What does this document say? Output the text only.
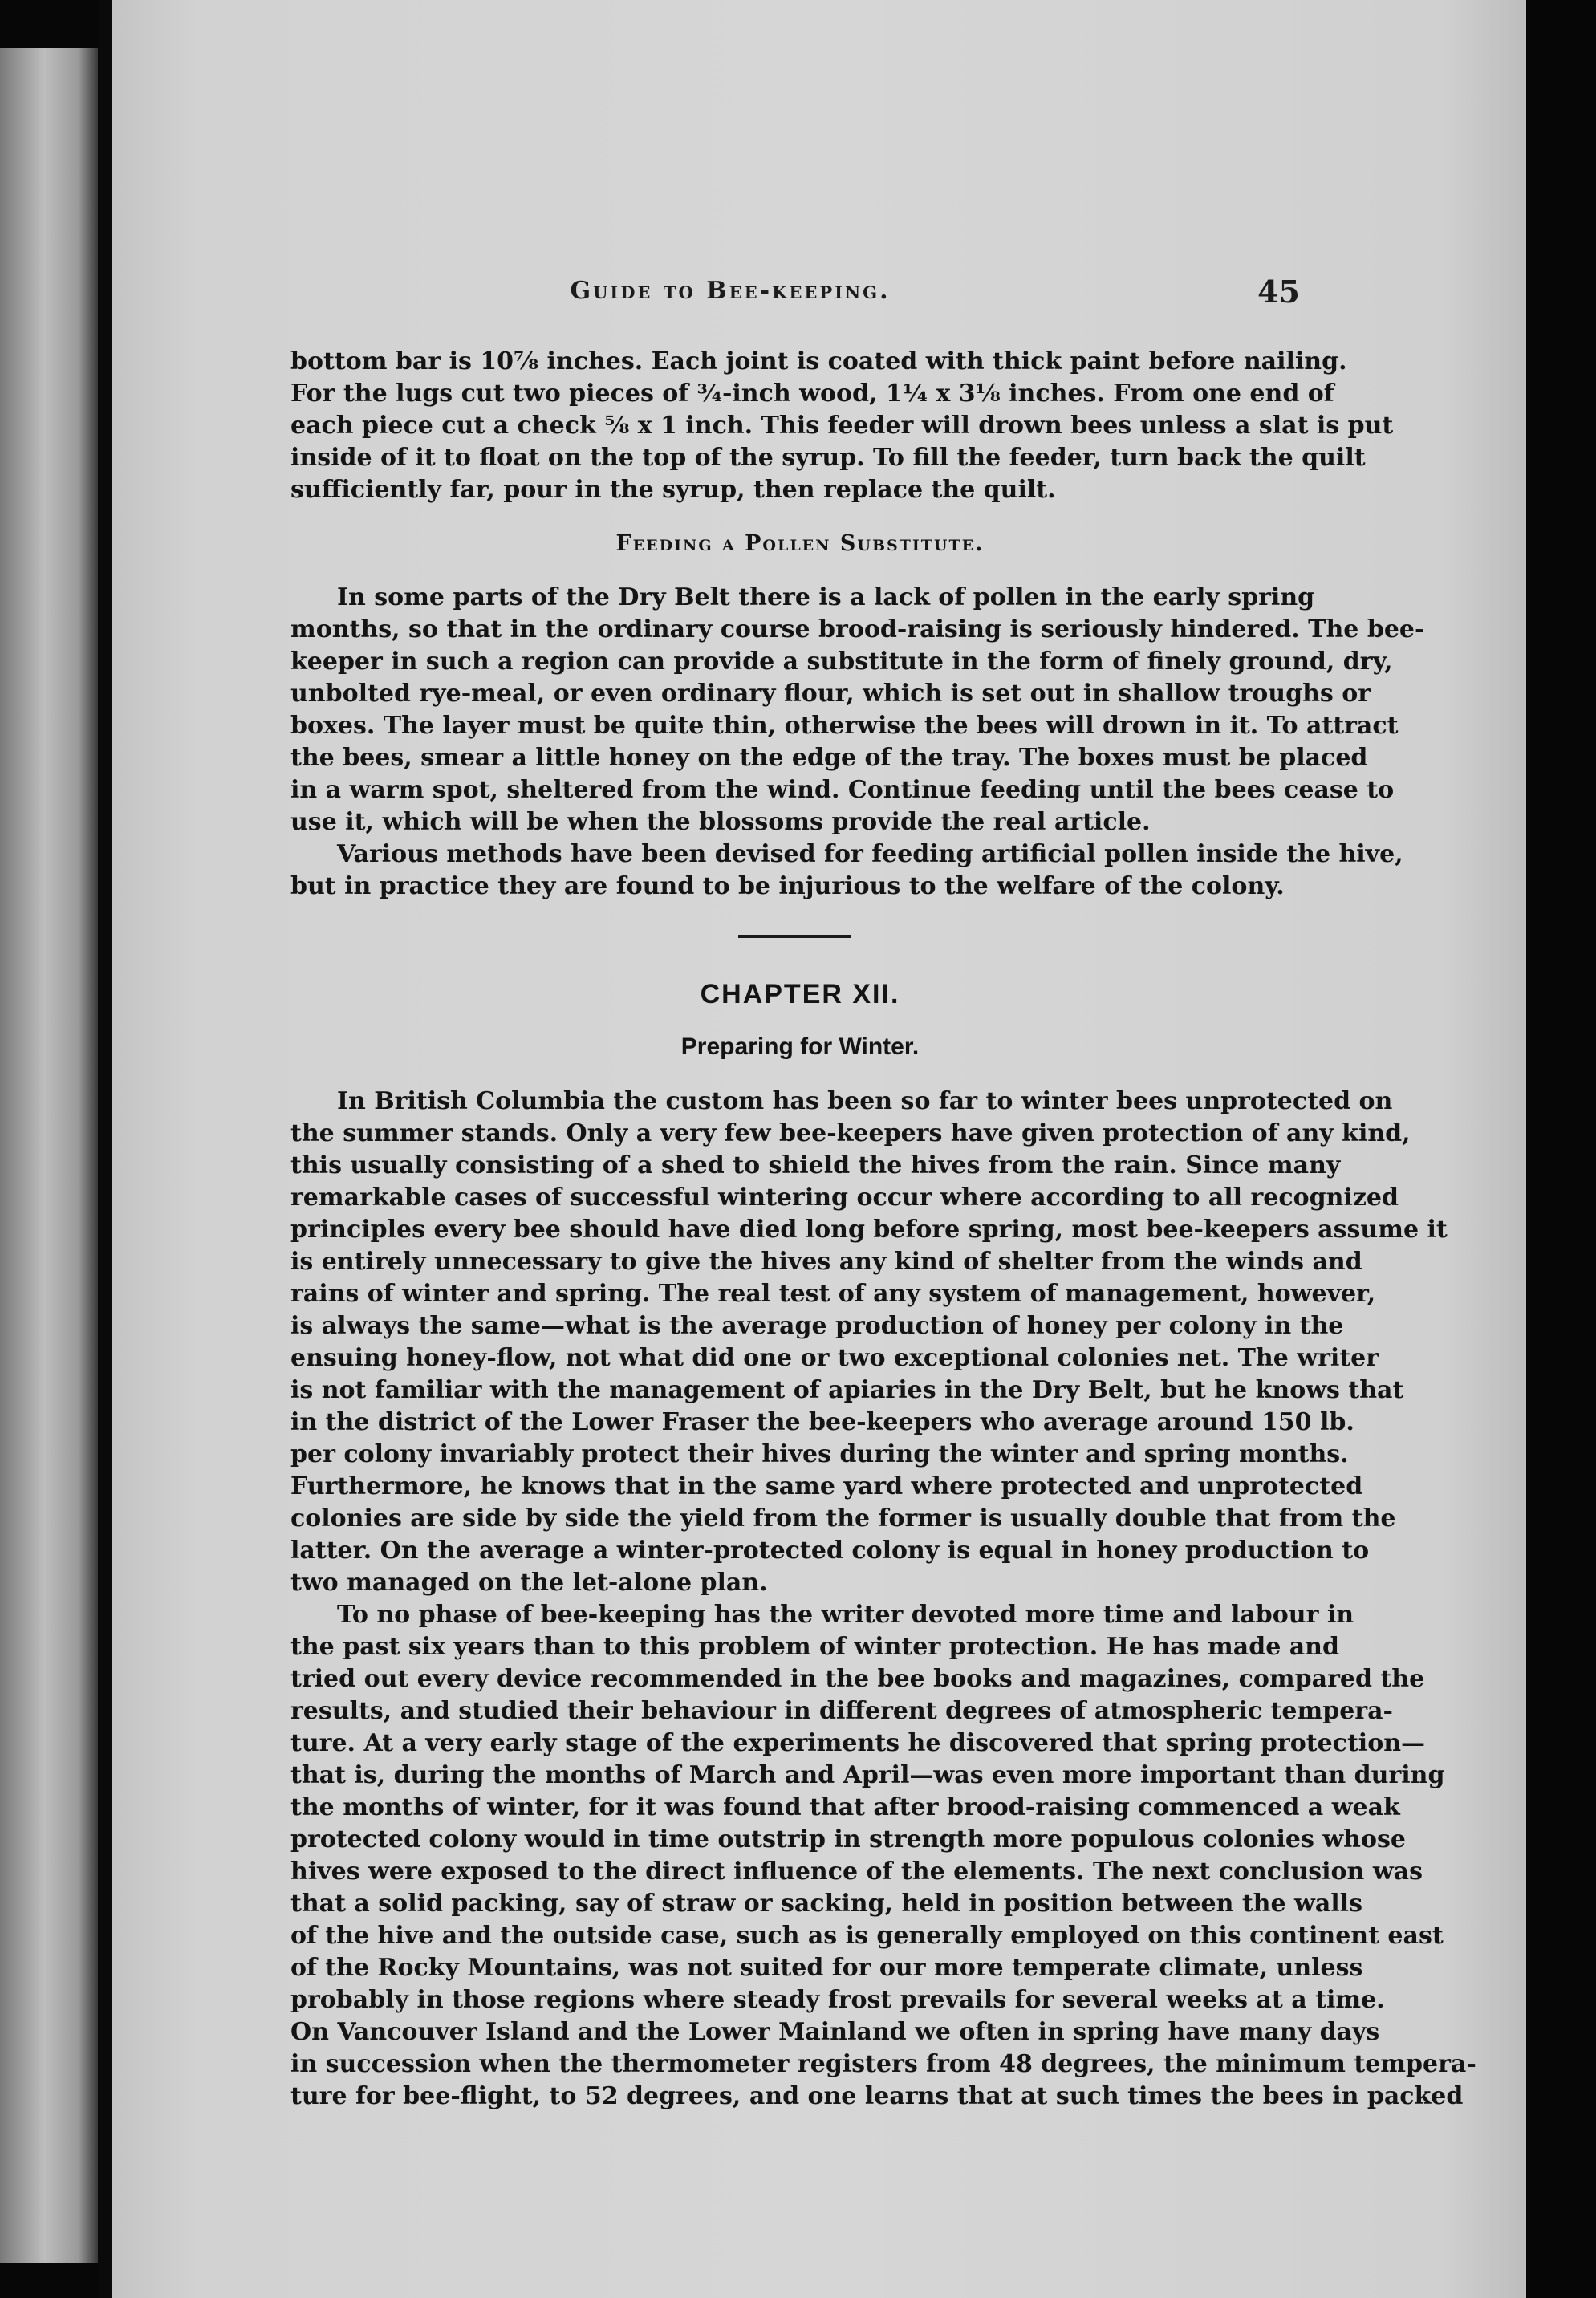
Guide to Bee-keeping.	45
bottom bar is 10⅞ inches. Each joint is coated with thick paint before nailing.
For the lugs cut two pieces of ¾-inch wood, 1¼ x 3⅛ inches. From one end of
each piece cut a check ⅝ x 1 inch. This feeder will drown bees unless a slat is put
inside of it to float on the top of the syrup. To fill the feeder, turn back the quilt
sufficiently far, pour in the syrup, then replace the quilt.
Feeding a Pollen Substitute.
In some parts of the Dry Belt there is a lack of pollen in the early spring
months, so that in the ordinary course brood-raising is seriously hindered. The bee-
keeper in such a region can provide a substitute in the form of finely ground, dry,
unbolted rye-meal, or even ordinary flour, which is set out in shallow troughs or
boxes. The layer must be quite thin, otherwise the bees will drown in it. To attract
the bees, smear a little honey on the edge of the tray. The boxes must be placed
in a warm spot, sheltered from the wind. Continue feeding until the bees cease to
use it, which will be when the blossoms provide the real article.
Various methods have been devised for feeding artificial pollen inside the hive,
but in practice they are found to be injurious to the welfare of the colony.
CHAPTER XII.
Preparing for Winter.
In British Columbia the custom has been so far to winter bees unprotected on
the summer stands. Only a very few bee-keepers have given protection of any kind,
this usually consisting of a shed to shield the hives from the rain. Since many
remarkable cases of successful wintering occur where according to all recognized
principles every bee should have died long before spring, most bee-keepers assume it
is entirely unnecessary to give the hives any kind of shelter from the winds and
rains of winter and spring. The real test of any system of management, however,
is always the same—what is the average production of honey per colony in the
ensuing honey-flow, not what did one or two exceptional colonies net. The writer
is not familiar with the management of apiaries in the Dry Belt, but he knows that
in the district of the Lower Fraser the bee-keepers who average around 150 lb.
per colony invariably protect their hives during the winter and spring months.
Furthermore, he knows that in the same yard where protected and unprotected
colonies are side by side the yield from the former is usually double that from the
latter. On the average a winter-protected colony is equal in honey production to
two managed on the let-alone plan.
To no phase of bee-keeping has the writer devoted more time and labour in
the past six years than to this problem of winter protection. He has made and
tried out every device recommended in the bee books and magazines, compared the
results, and studied their behaviour in different degrees of atmospheric tempera-
ture. At a very early stage of the experiments he discovered that spring protection—
that is, during the months of March and April—was even more important than during
the months of winter, for it was found that after brood-raising commenced a weak
protected colony would in time outstrip in strength more populous colonies whose
hives were exposed to the direct influence of the elements. The next conclusion was
that a solid packing, say of straw or sacking, held in position between the walls
of the hive and the outside case, such as is generally employed on this continent east
of the Rocky Mountains, was not suited for our more temperate climate, unless
probably in those regions where steady frost prevails for several weeks at a time.
On Vancouver Island and the Lower Mainland we often in spring have many days
in succession when the thermometer registers from 48 degrees, the minimum tempera-
ture for bee-flight, to 52 degrees, and one learns that at such times the bees in packed
